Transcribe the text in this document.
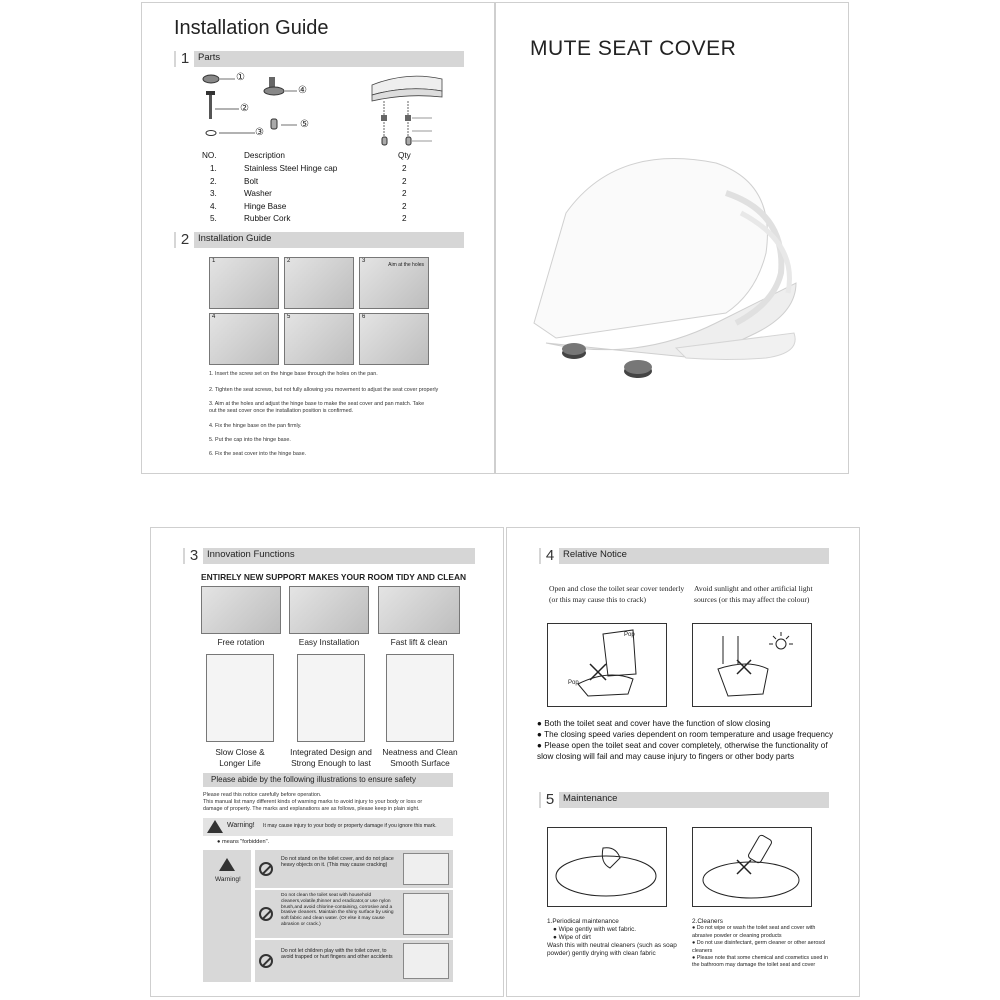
Installation Guide
1 Parts
①
②
③
④
⑤
NO.	Description	Qty
1.	Stainless Steel Hinge cap	2
2.	Bolt	2
3.	Washer	2
4.	Hinge Base	2
5.	Rubber Cork	2
2 Installation Guide
1	2	3
Aim at the holes
4	5	6
1. Insert the screw set on the hinge base through the holes on the pan.
2. Tighten the seat screws, but not fully allowing you movement to adjust the seat cover properly
3. Aim at the holes and adjust the hinge base to make the seat cover and pan match. Take out the seat cover once the installation position is confirmed.
4. Fix the hinge base on the pan firmly.
5. Put the cap into the hinge base.
6. Fix the seat cover into the hinge base.
MUTE SEAT COVER
3 Innovation Functions
ENTIRELY NEW SUPPORT MAKES YOUR ROOM TIDY AND CLEAN
Free rotation	Easy Installation	Fast lift & clean
Slow Close &
Longer Life
Integrated Design and
Strong Enough to last
Neatness and Clean
Smooth Surface
Please abide by the following illustrations to ensure safety
Please read this notice carefully before operation.
This manual list many different kinds of warning marks to avoid injury to your body or loss or
damage of property. The marks and explanations are as follows, please keep in plain sight.
Warning! It may cause injury to your body or property damage if you ignore this mark.
● means "forbidden".
Warning!
Do not stand on the toilet cover, and do not place heavy objects on it. (This may cause cracking)
Do not clean the toilet seat with household cleaners,volatile,thinner and eradicator,or use nylon brush,and avoid chlorine-containing, corrosive and a brasive cleaners. Maintain the shiny surface by using soft fabric and clean water. (Or else it may cause abrasion or crack.)
Do not let children play with the toilet cover, to avoid trapped or hurt fingers and other accidents
4 Relative Notice
Open and close the toilet sear cover tenderly
(or this may cause this to crack)
Avoid sunlight and other artificial light
sources (or this may affect the colour)
Pop
Pop
● Both the toilet seat and cover have the function of slow closing
● The closing speed varies dependent on room temperature and usage frequency
● Please open the toilet seat and cover completely, otherwise the functionality of slow closing will fail and may cause injury to fingers or other body parts
5 Maintenance
1.Periodical maintenance
● Wipe gently with wet fabric.
● Wipe of dirt
Wash this with neutral cleaners (such as soap powder) gently drying with clean fabric
2.Cleaners
● Do not wipe or wash the toilet seat and cover with abrasive powder or cleaning products
● Do not use disinfectant, germ cleaner or other aerosol cleaners
● Please note that some chemical and cosmetics used in the bathroom may damage the toilet seat and cover
